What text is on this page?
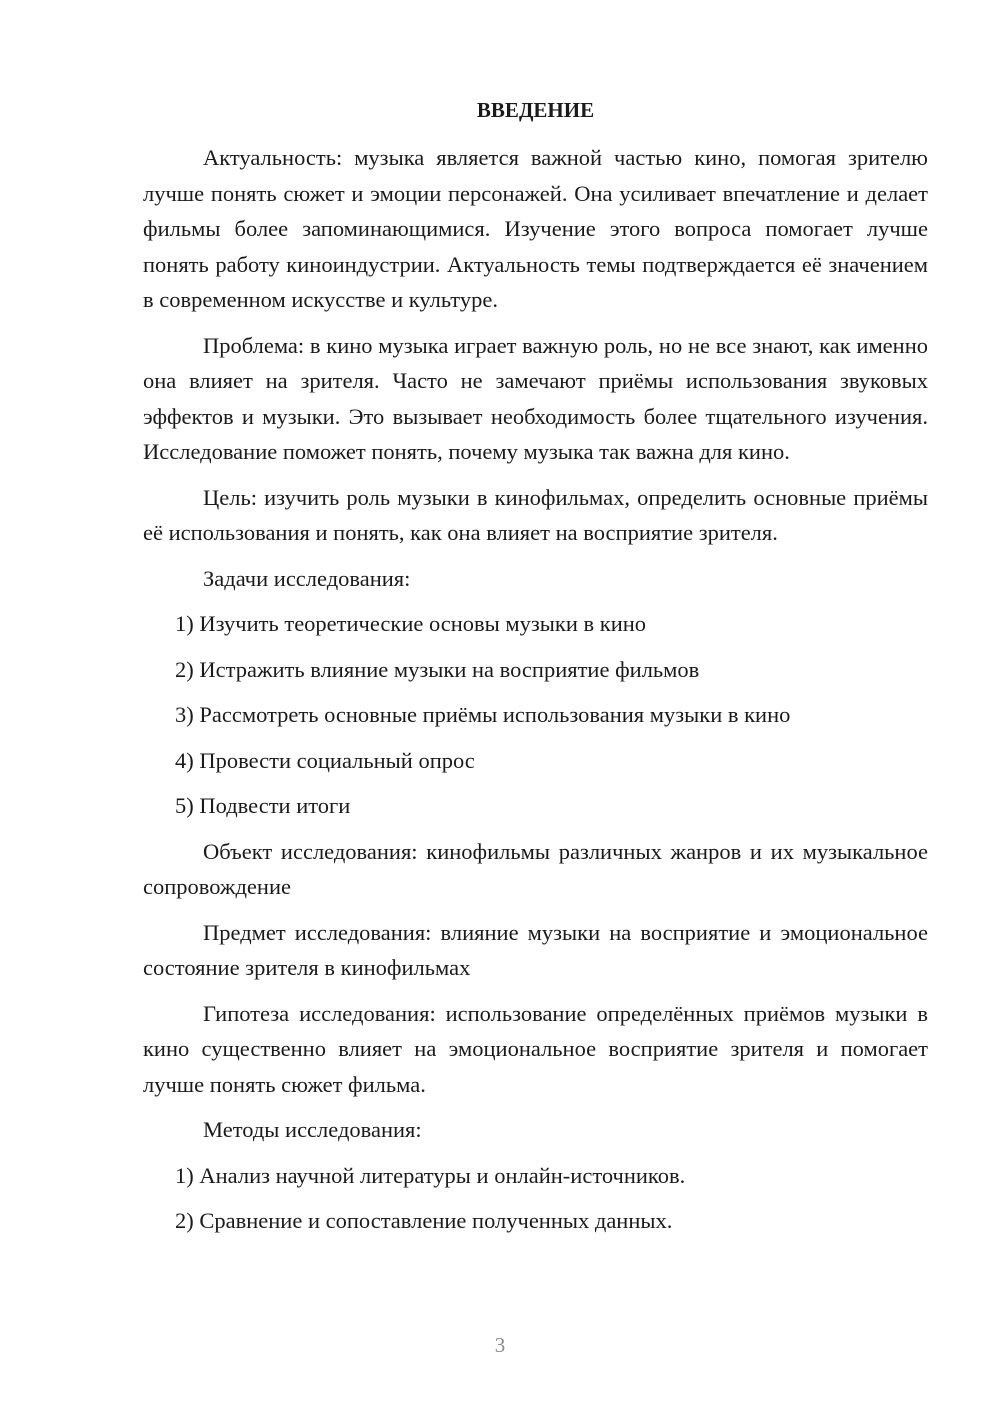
ВВЕДЕНИЕ

Актуальность: музыка является важной частью кино, помогая зрителю лучше понять сюжет и эмоции персонажей. Она усиливает впечатление и делает фильмы более запоминающимися. Изучение этого вопроса помогает лучше понять работу киноиндустрии. Актуальность темы подтверждается её значением в современном искусстве и культуре.

Проблема: в кино музыка играет важную роль, но не все знают, как именно она влияет на зрителя. Часто не замечают приёмы использования звуковых эффектов и музыки. Это вызывает необходимость более тщательного изучения. Исследование поможет понять, почему музыка так важна для кино.

Цель: изучить роль музыки в кинофильмах, определить основные приёмы её использования и понять, как она влияет на восприятие зрителя.

Задачи исследования:

1) Изучить теоретические основы музыки в кино
2) Истражить влияние музыки на восприятие фильмов
3) Рассмотреть основные приёмы использования музыки в кино
4) Провести социальный опрос
5) Подвести итоги

Объект исследования: кинофильмы различных жанров и их музыкальное сопровождение

Предмет исследования: влияние музыки на восприятие и эмоциональное состояние зрителя в кинофильмах

Гипотеза исследования: использование определённых приёмов музыки в кино существенно влияет на эмоциональное восприятие зрителя и помогает лучше понять сюжет фильма.

Методы исследования:

1) Анализ научной литературы и онлайн-источников.
2) Сравнение и сопоставление полученных данных.
3
